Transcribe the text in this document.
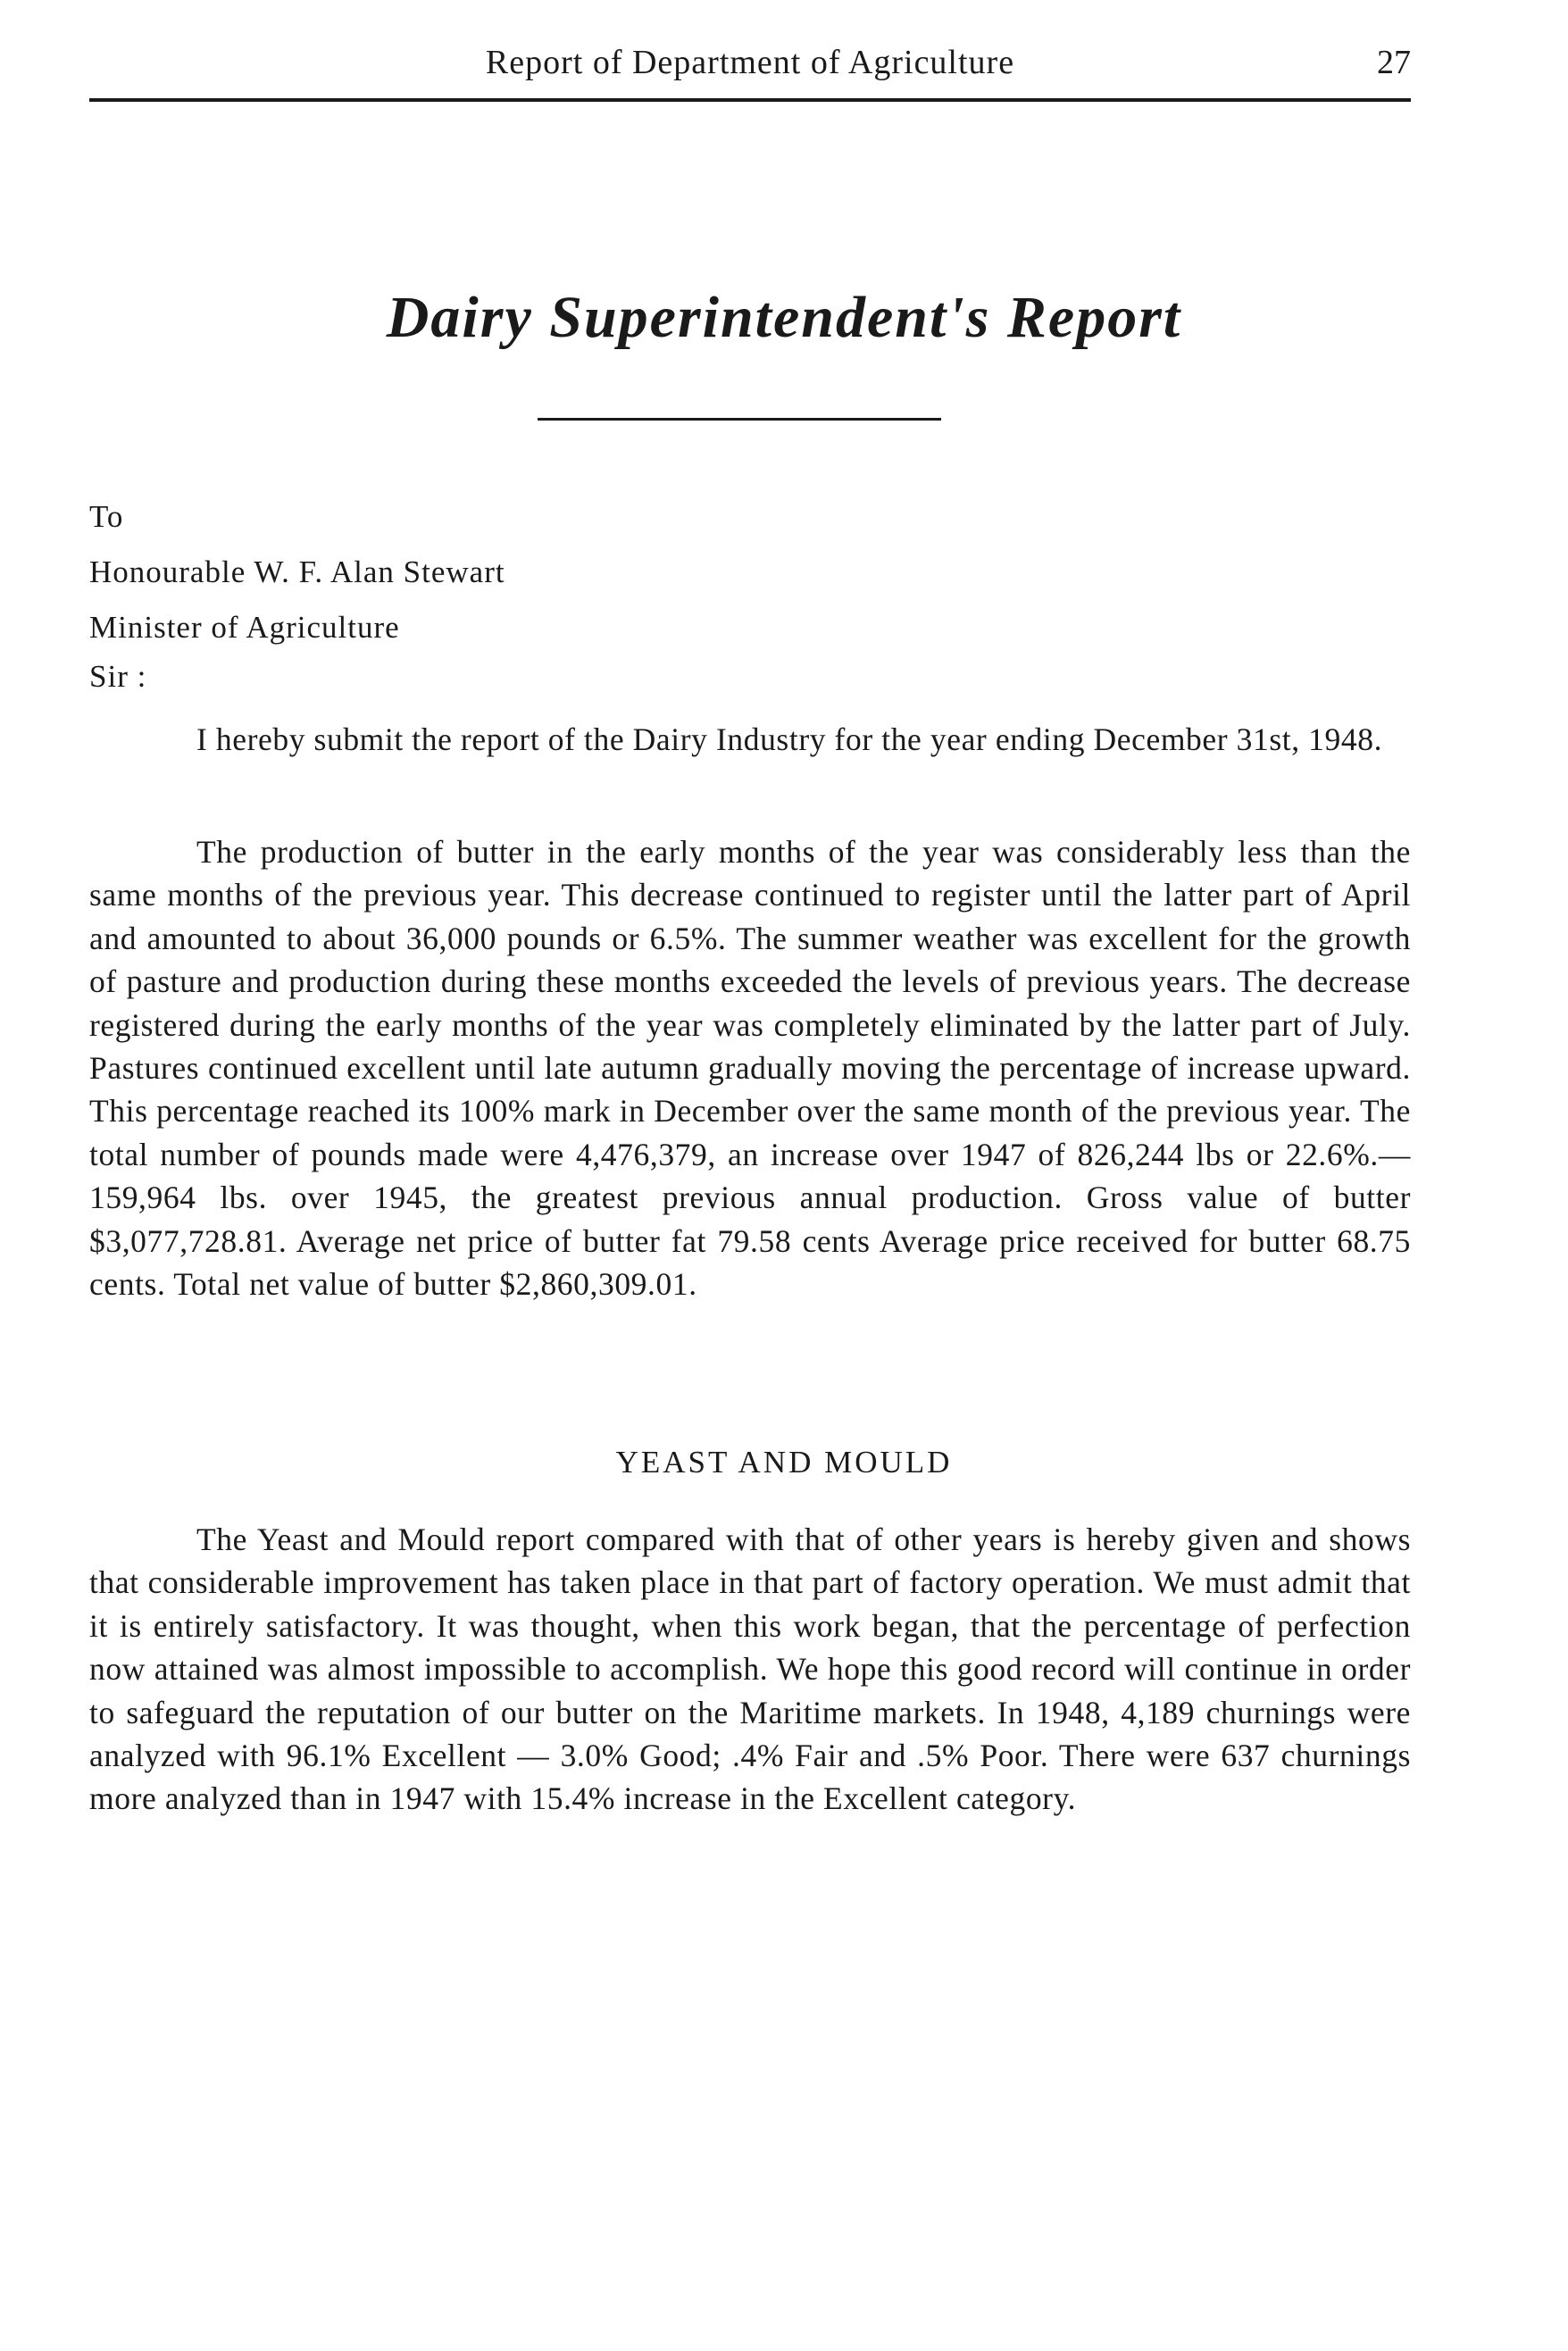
Report of Department of Agriculture	27
Dairy Superintendent's Report
To
Honourable W. F. Alan Stewart
Minister of Agriculture
Sir :

I hereby submit the report of the Dairy Industry for the year ending December 31st, 1948.

The production of butter in the early months of the year was considerably less than the same months of the previous year. This decrease continued to register until the latter part of April and amounted to about 36,000 pounds or 6.5%. The summer weather was excellent for the growth of pasture and production during these months exceeded the levels of previous years. The decrease registered during the early months of the year was completely eliminated by the latter part of July. Pastures continued excellent until late autumn gradually moving the percentage of increase upward. This percentage reached its 100% mark in December over the same month of the previous year. The total number of pounds made were 4,476,379, an increase over 1947 of 826,244 lbs or 22.6%.—159,964 lbs. over 1945, the greatest previous annual production. Gross value of butter $3,077,728.81. Average net price of butter fat 79.58 cents Average price received for butter 68.75 cents. Total net value of butter $2,860,309.01.

YEAST AND MOULD

The Yeast and Mould report compared with that of other years is hereby given and shows that considerable improvement has taken place in that part of factory operation. We must admit that it is entirely satisfactory. It was thought, when this work began, that the percentage of perfection now attained was almost impossible to accomplish. We hope this good record will continue in order to safeguard the reputation of our butter on the Maritime markets. In 1948, 4,189 churnings were analyzed with 96.1% Excellent — 3.0% Good; .4% Fair and .5% Poor. There were 637 churnings more analyzed than in 1947 with 15.4% increase in the Excellent category.
